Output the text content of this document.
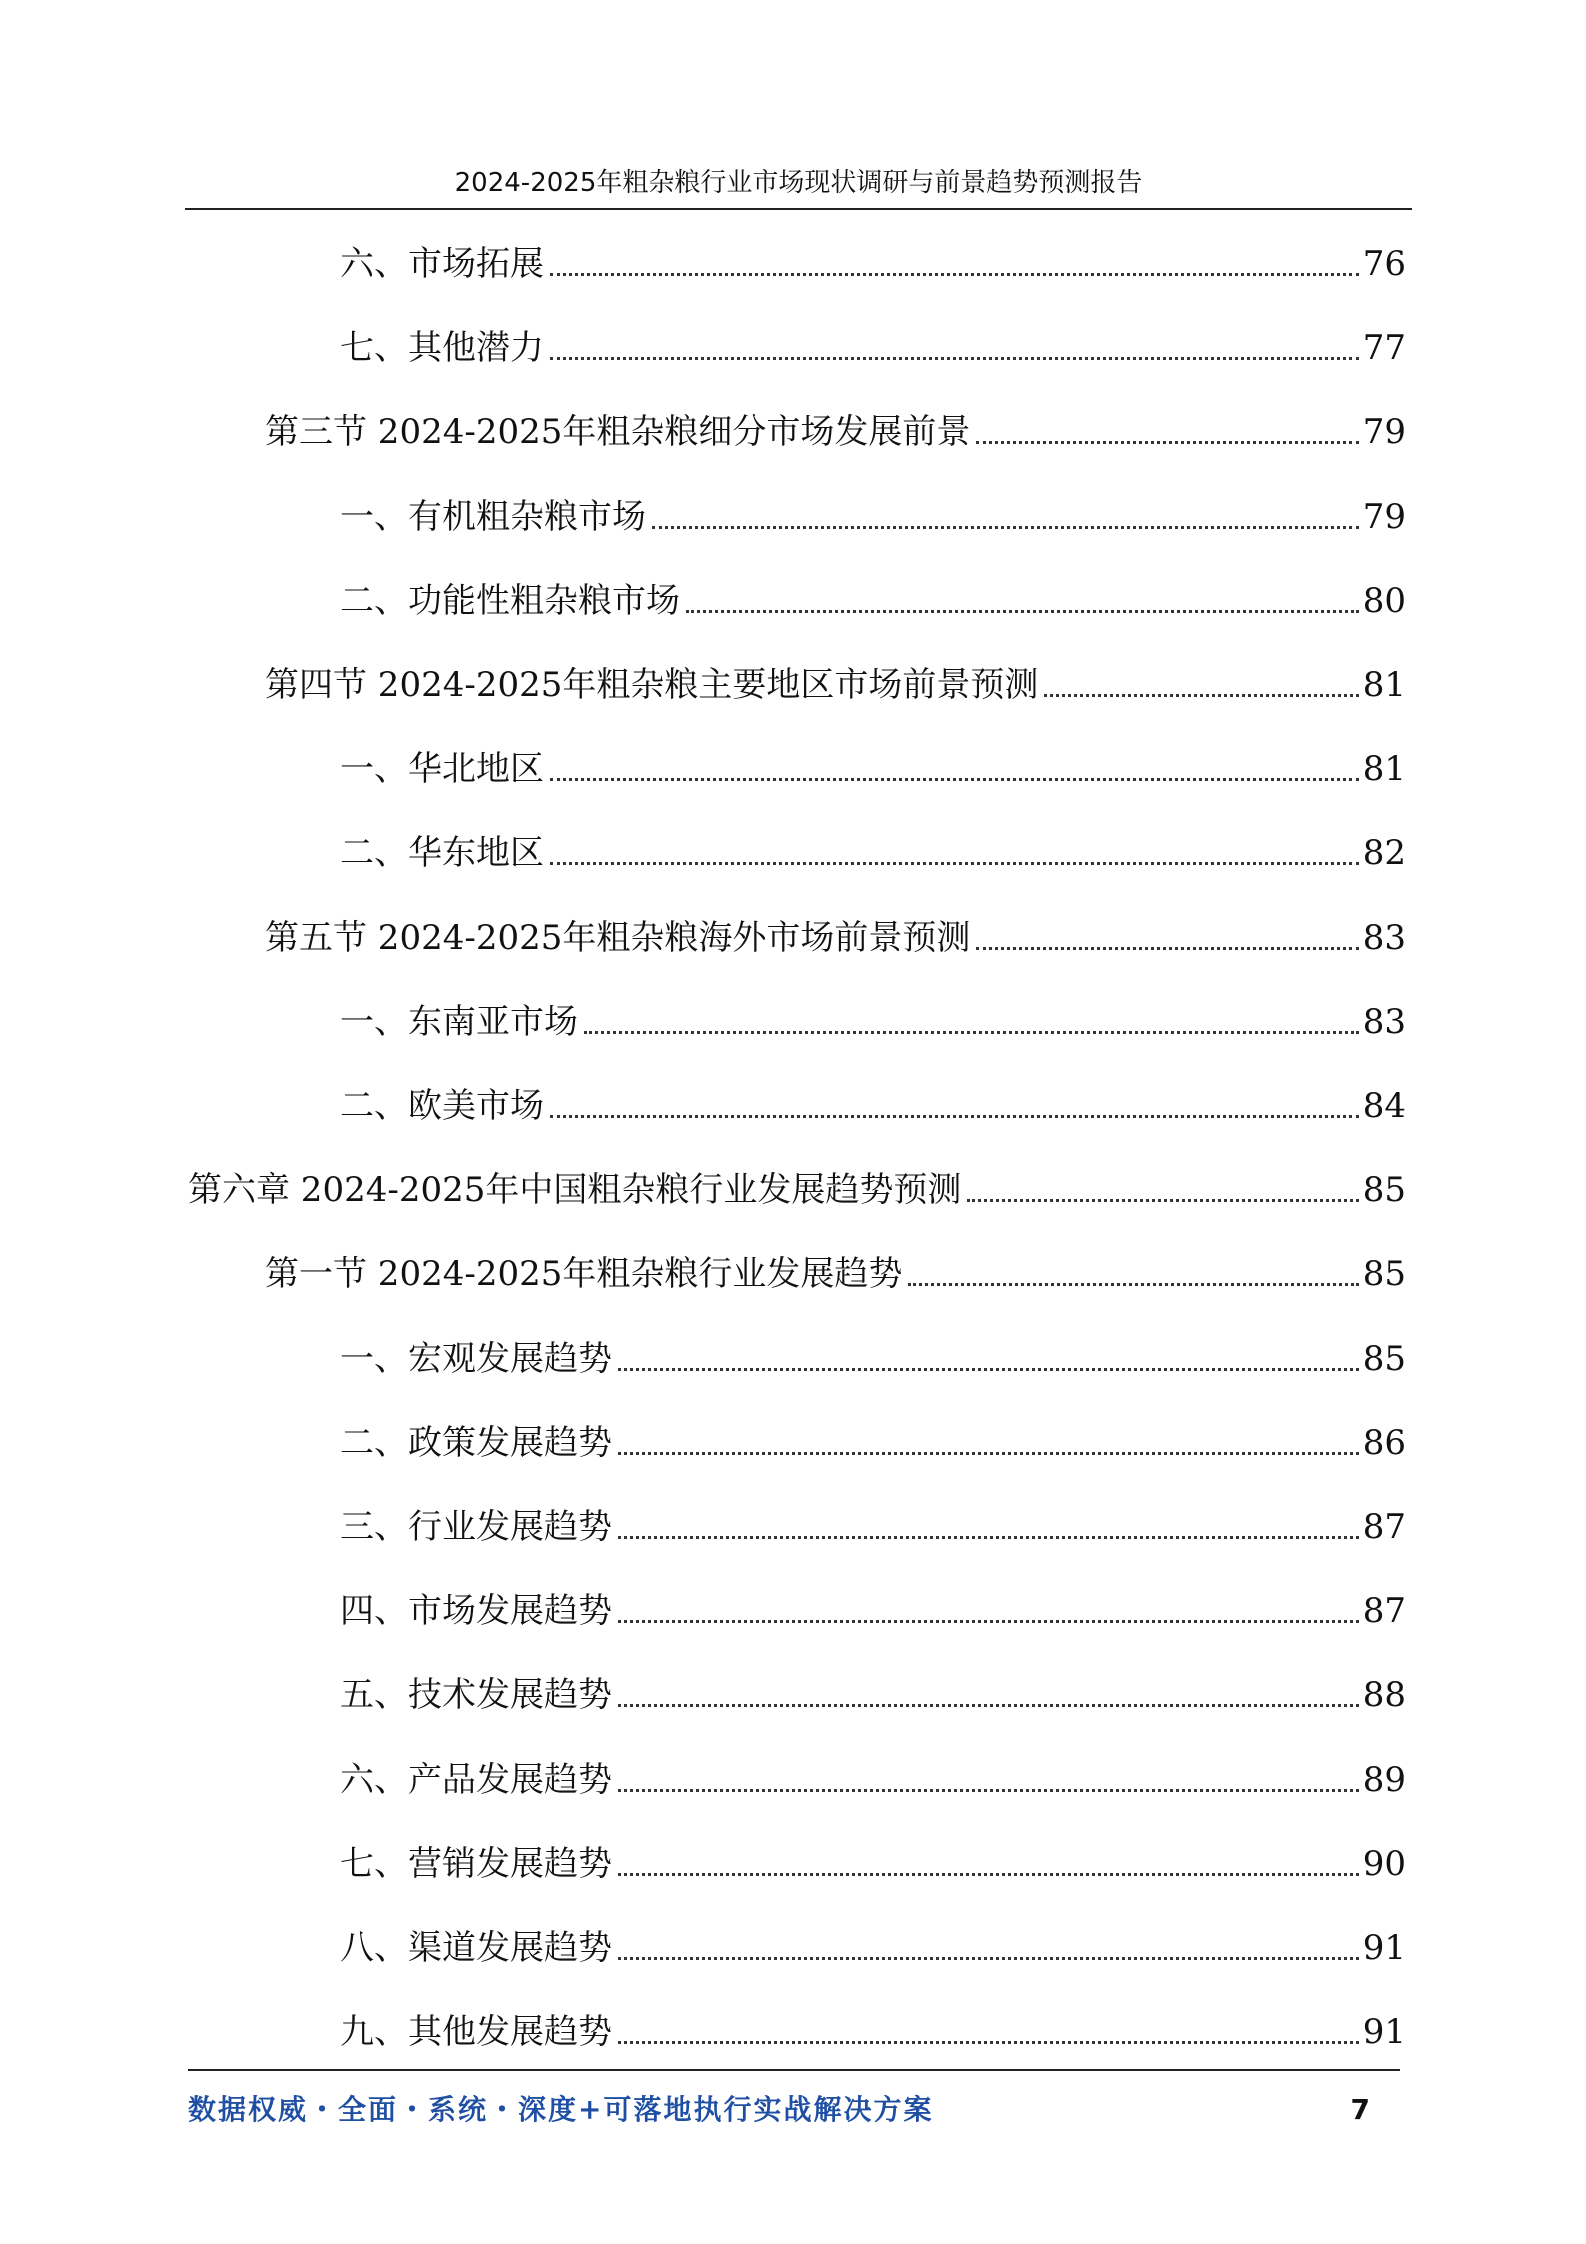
2024-2025年粗杂粮行业市场现状调研与前景趋势预测报告
六、市场拓展	76
七、其他潜力	77
第三节 2024-2025年粗杂粮细分市场发展前景	79
一、有机粗杂粮市场	79
二、功能性粗杂粮市场	80
第四节 2024-2025年粗杂粮主要地区市场前景预测	81
一、华北地区	81
二、华东地区	82
第五节 2024-2025年粗杂粮海外市场前景预测	83
一、东南亚市场	83
二、欧美市场	84
第六章 2024-2025年中国粗杂粮行业发展趋势预测	85
第一节 2024-2025年粗杂粮行业发展趋势	85
一、宏观发展趋势	85
二、政策发展趋势	86
三、行业发展趋势	87
四、市场发展趋势	87
五、技术发展趋势	88
六、产品发展趋势	89
七、营销发展趋势	90
八、渠道发展趋势	91
九、其他发展趋势	91
数据权威・全面・系统・深度+可落地执行实战解决方案	7
